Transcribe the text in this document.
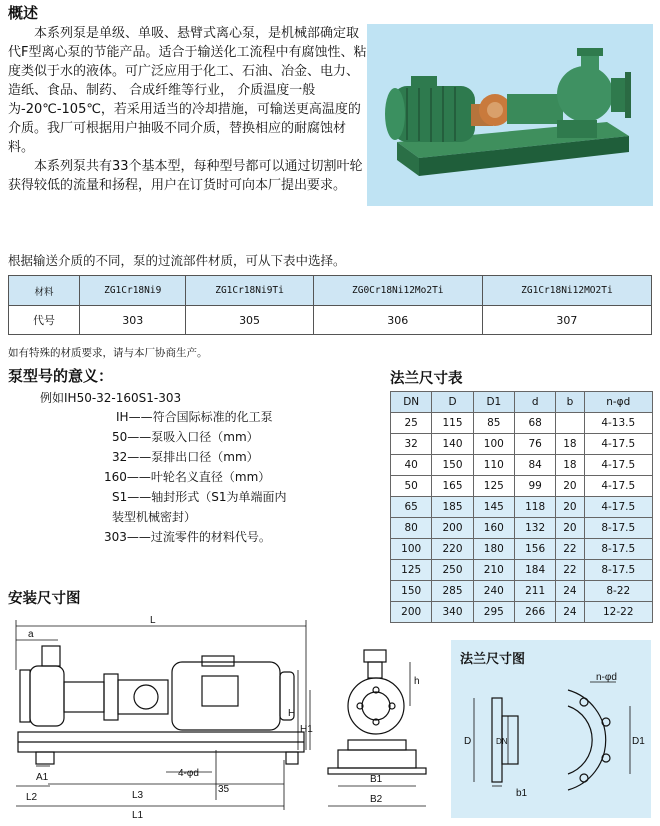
概述

本系列泵是单级、单吸、悬臂式离心泵，是机械部确定取代F型离心泵的节能产品。适合于输送化工流程中有腐蚀性、粘度类似于水的液体。可广泛应用于化工、石油、冶金、电力、造纸、食品、制药、 合成纤维等行业， 介质温度一般为-20℃-105℃，若采用适当的冷却措施，可输送更高温度的介质。我厂可根据用户抽吸不同介质，替换相应的耐腐蚀材料。

本系列泵共有33个基本型，每种型号都可以通过切割叶轮获得较低的流量和扬程，用户在订货时可向本厂提出要求。

根据输送介质的不同，泵的过流部件材质，可从下表中选择。
材料	ZG1Cr18Ni9	ZG1Cr18Ni9Ti	ZG0Cr18Ni12Mo2Ti	ZG1Cr18Ni12MO2Ti
代号	303	305	306	307
如有特殊的材质要求，请与本厂协商生产。
泵型号的意义：
例如IH50-32-160S1-303
IH——符合国际标准的化工泵
50——泵吸入口径（mm）
32——泵排出口径（mm）
160——叶轮名义直径（mm）
S1——轴封形式（S1为单端面内
装型机械密封）
303——过流零件的材料代号。
法兰尺寸表
DN	D	D1	d	b	n-φd
25	115	85	68		4-13.5
32	140	100	76	18	4-17.5
40	150	110	84	18	4-17.5
50	165	125	99	20	4-17.5
65	185	145	118	20	4-17.5
80	200	160	132	20	8-17.5
100	220	180	156	22	8-17.5
125	250	210	184	22	8-17.5
150	285	240	211	24	8-22
200	340	295	266	24	12-22
安装尺寸图
L
a
A1
L2	L3
L1
H
H1
4-φd
35
h
B1
B2
法兰尺寸图
n-φd
D	DN	D1
b1
